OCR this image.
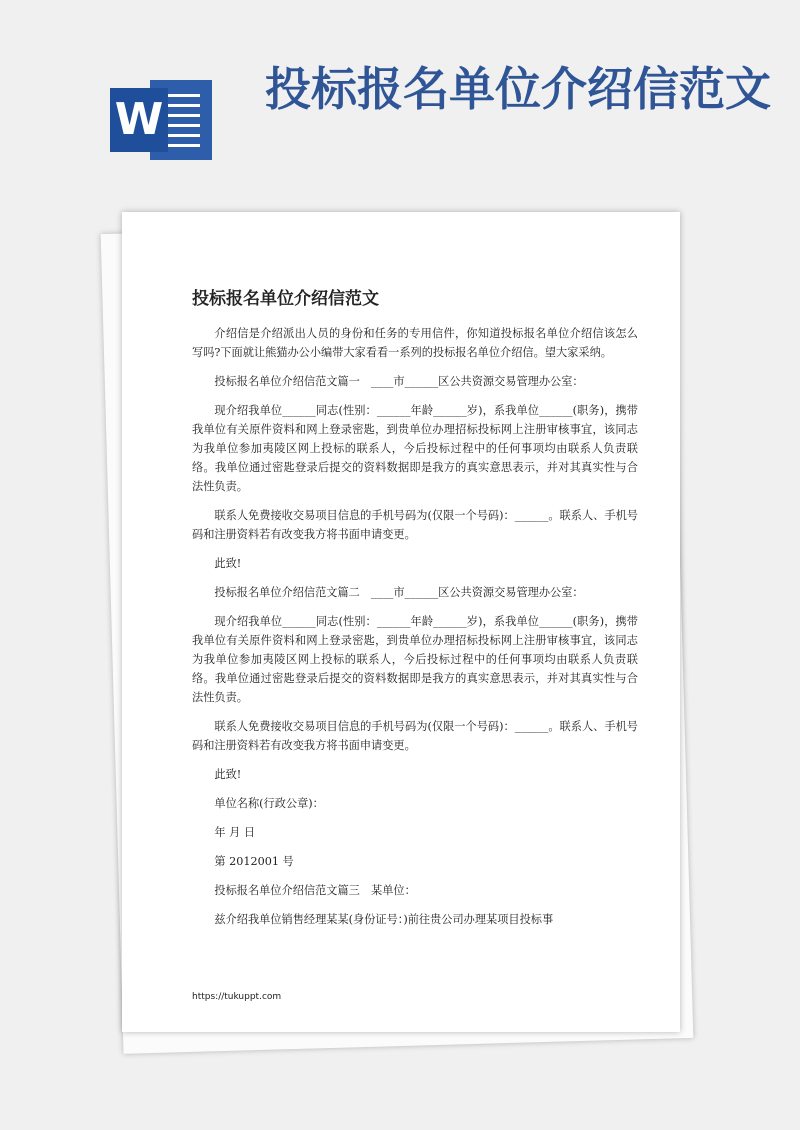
W
投标报名单位介绍信范文
投标报名单位介绍信范文

介绍信是介绍派出人员的身份和任务的专用信件，你知道投标报名单位介绍信该怎么写吗?下面就让熊猫办公小编带大家看看一系列的投标报名单位介绍信。望大家采纳。

投标报名单位介绍信范文篇一　____市______区公共资源交易管理办公室：

现介绍我单位______同志(性别：______年龄______岁)，系我单位______(职务)，携带我单位有关原件资料和网上登录密匙，到贵单位办理招标投标网上注册审核事宜，该同志为我单位参加夷陵区网上投标的联系人，今后投标过程中的任何事项均由联系人负责联络。我单位通过密匙登录后提交的资料数据即是我方的真实意思表示，并对其真实性与合法性负责。

联系人免费接收交易项目信息的手机号码为(仅限一个号码)：______。联系人、手机号码和注册资料若有改变我方将书面申请变更。

此致!

投标报名单位介绍信范文篇二　____市______区公共资源交易管理办公室：

现介绍我单位______同志(性别：______年龄______岁)，系我单位______(职务)，携带我单位有关原件资料和网上登录密匙，到贵单位办理招标投标网上注册审核事宜，该同志为我单位参加夷陵区网上投标的联系人，今后投标过程中的任何事项均由联系人负责联络。我单位通过密匙登录后提交的资料数据即是我方的真实意思表示，并对其真实性与合法性负责。

联系人免费接收交易项目信息的手机号码为(仅限一个号码)：______。联系人、手机号码和注册资料若有改变我方将书面申请变更。

此致!

单位名称(行政公章)：

年 月 日

第 2012001 号

投标报名单位介绍信范文篇三　某单位：

兹介绍我单位销售经理某某(身份证号：)前往贵公司办理某项目投标事

https://tukuppt.com
